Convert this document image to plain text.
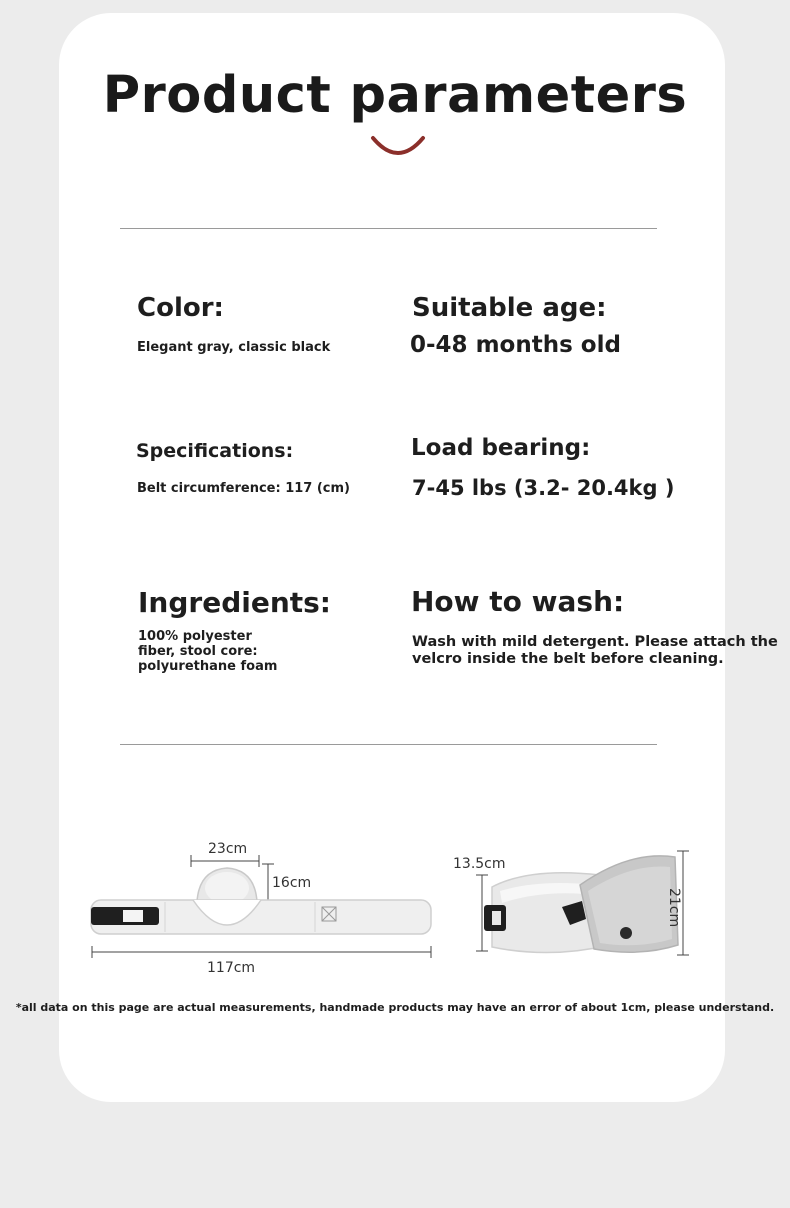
Product parameters
Color:
Elegant gray, classic black
Suitable age:
0-48 months old
Specifications:
Belt circumference: 117 (cm)
Load bearing:
7-45 lbs (3.2- 20.4kg )
Ingredients:
100% polyester fiber, stool core: polyurethane foam
How to wash:
Wash with mild detergent. Please attach the velcro inside the belt before cleaning.
23cm
16cm
117cm
13.5cm
21cm
*all data on this page are actual measurements, handmade products may have an error of about 1cm, please understand.
